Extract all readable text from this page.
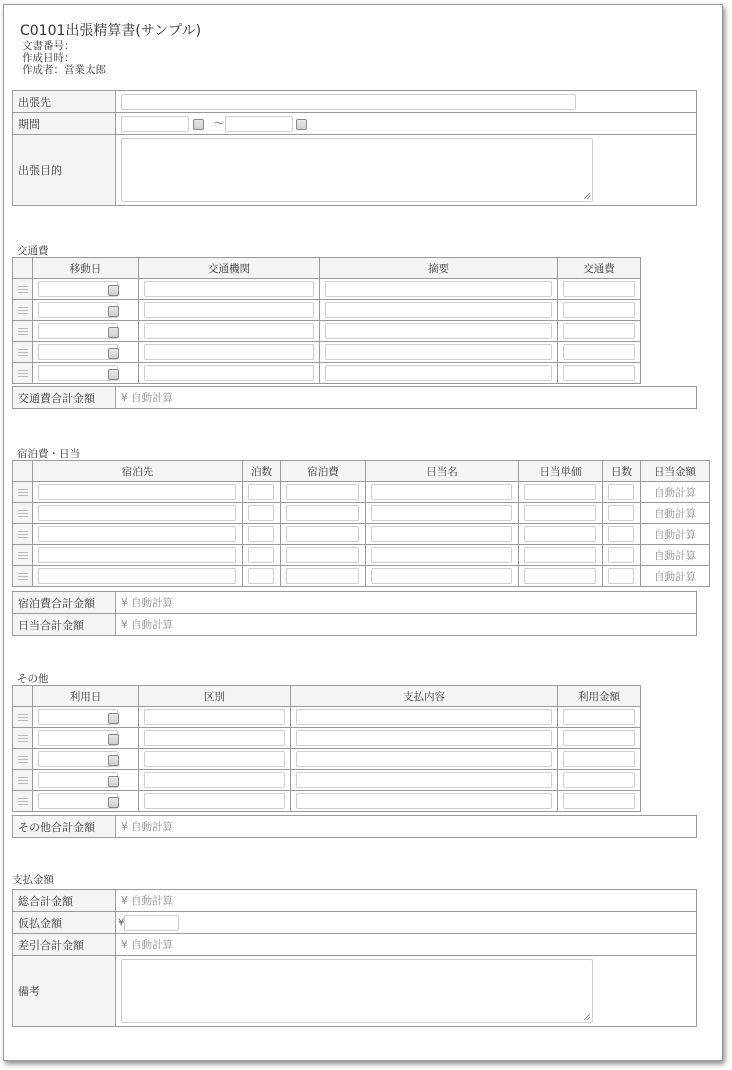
C0101出張精算書(サンプル)
文書番号：
作成日時：
作成者：営業太郎
出張先	
期間	～
出張目的	
交通費
	移動日	交通機関	摘要	交通費

交通費合計金額	¥ 自動計算
宿泊費・日当
	宿泊先	泊数	宿泊費	日当名	日当単価	日数	日当金額
							自動計算
							自動計算
							自動計算
							自動計算
							自動計算
宿泊費合計金額	¥ 自動計算
日当合計金額	¥ 自動計算
その他
	利用日	区別	支払内容	利用金額

その他合計金額	¥ 自動計算
支払金額
総合計金額	¥ 自動計算
仮払金額	¥
差引合計金額	¥ 自動計算
備考	
